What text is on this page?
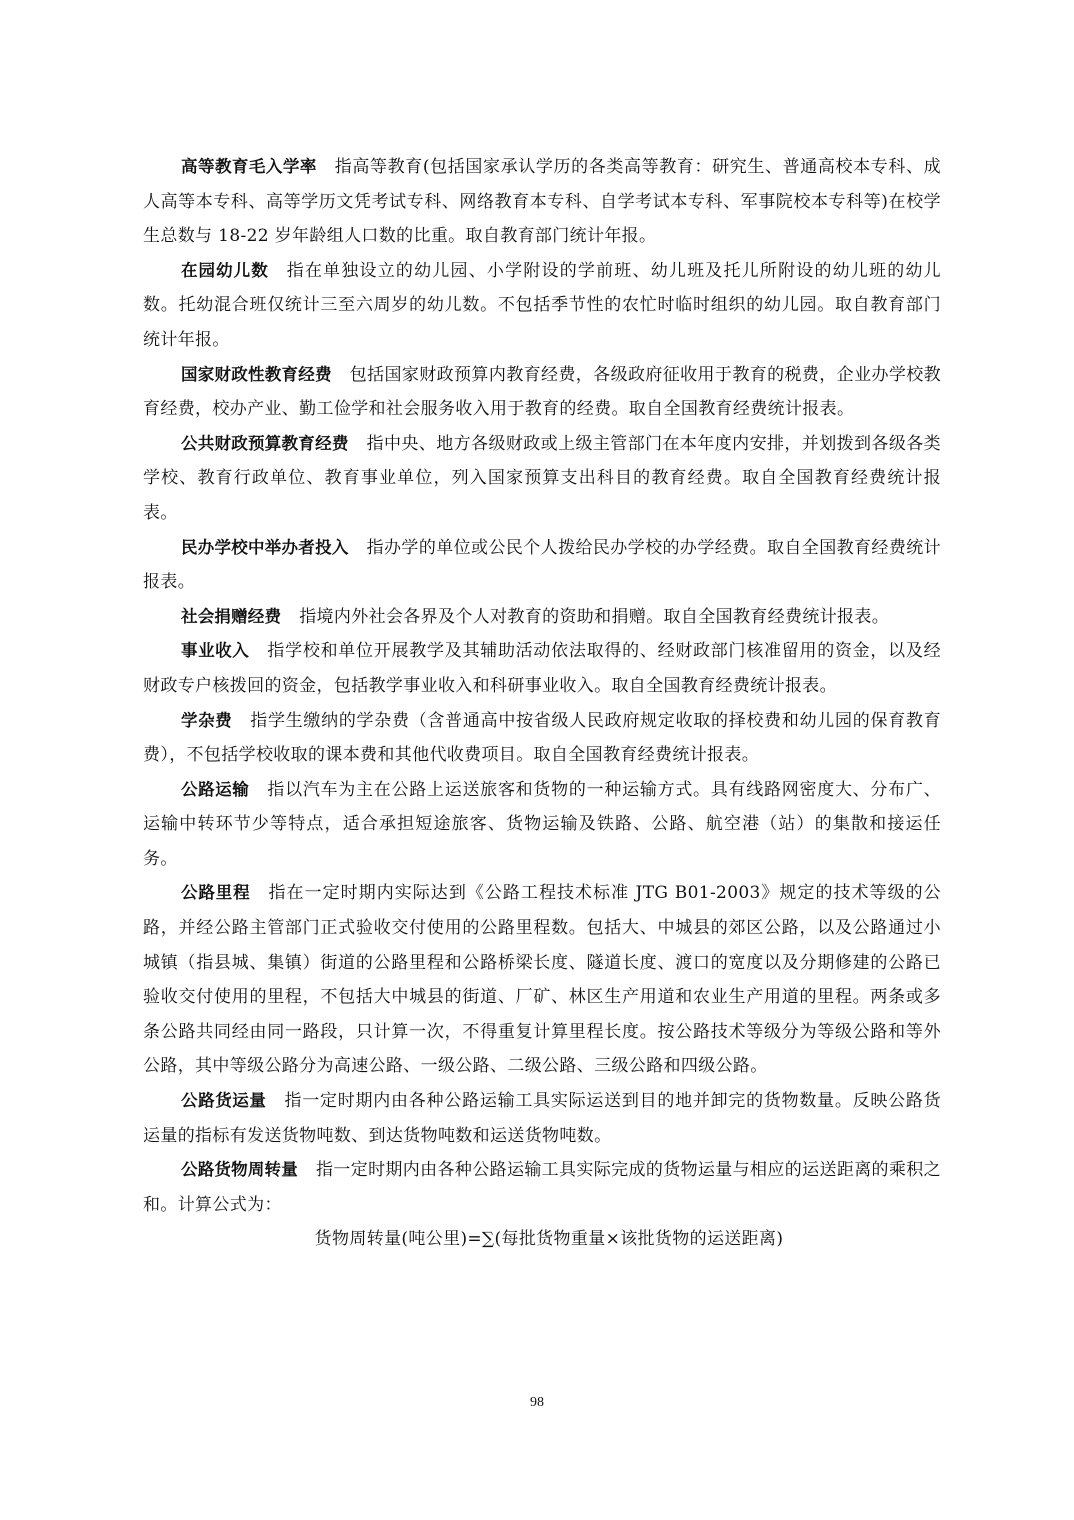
高等教育毛入学率 指高等教育(包括国家承认学历的各类高等教育：研究生、普通高校本专科、成人高等本专科、高等学历文凭考试专科、网络教育本专科、自学考试本专科、军事院校本专科等)在校学生总数与 18-22 岁年龄组人口数的比重。取自教育部门统计年报。

在园幼儿数 指在单独设立的幼儿园、小学附设的学前班、幼儿班及托儿所附设的幼儿班的幼儿数。托幼混合班仅统计三至六周岁的幼儿数。不包括季节性的农忙时临时组织的幼儿园。取自教育部门统计年报。

国家财政性教育经费 包括国家财政预算内教育经费，各级政府征收用于教育的税费，企业办学校教育经费，校办产业、勤工俭学和社会服务收入用于教育的经费。取自全国教育经费统计报表。

公共财政预算教育经费 指中央、地方各级财政或上级主管部门在本年度内安排，并划拨到各级各类学校、教育行政单位、教育事业单位，列入国家预算支出科目的教育经费。取自全国教育经费统计报表。

民办学校中举办者投入 指办学的单位或公民个人拨给民办学校的办学经费。取自全国教育经费统计报表。

社会捐赠经费 指境内外社会各界及个人对教育的资助和捐赠。取自全国教育经费统计报表。

事业收入 指学校和单位开展教学及其辅助活动依法取得的、经财政部门核准留用的资金，以及经财政专户核拨回的资金，包括教学事业收入和科研事业收入。取自全国教育经费统计报表。

学杂费 指学生缴纳的学杂费（含普通高中按省级人民政府规定收取的择校费和幼儿园的保育教育费），不包括学校收取的课本费和其他代收费项目。取自全国教育经费统计报表。

公路运输 指以汽车为主在公路上运送旅客和货物的一种运输方式。具有线路网密度大、分布广、运输中转环节少等特点，适合承担短途旅客、货物运输及铁路、公路、航空港（站）的集散和接运任务。

公路里程 指在一定时期内实际达到《公路工程技术标准 JTG B01-2003》规定的技术等级的公路，并经公路主管部门正式验收交付使用的公路里程数。包括大、中城县的郊区公路，以及公路通过小城镇（指县城、集镇）街道的公路里程和公路桥梁长度、隧道长度、渡口的宽度以及分期修建的公路已验收交付使用的里程，不包括大中城县的街道、厂矿、林区生产用道和农业生产用道的里程。两条或多条公路共同经由同一路段，只计算一次，不得重复计算里程长度。按公路技术等级分为等级公路和等外公路，其中等级公路分为高速公路、一级公路、二级公路、三级公路和四级公路。

公路货运量 指一定时期内由各种公路运输工具实际运送到目的地并卸完的货物数量。反映公路货运量的指标有发送货物吨数、到达货物吨数和运送货物吨数。

公路货物周转量 指一定时期内由各种公路运输工具实际完成的货物运量与相应的运送距离的乘积之和。计算公式为：

货物周转量(吨公里)=∑(每批货物重量×该批货物的运送距离)

98
